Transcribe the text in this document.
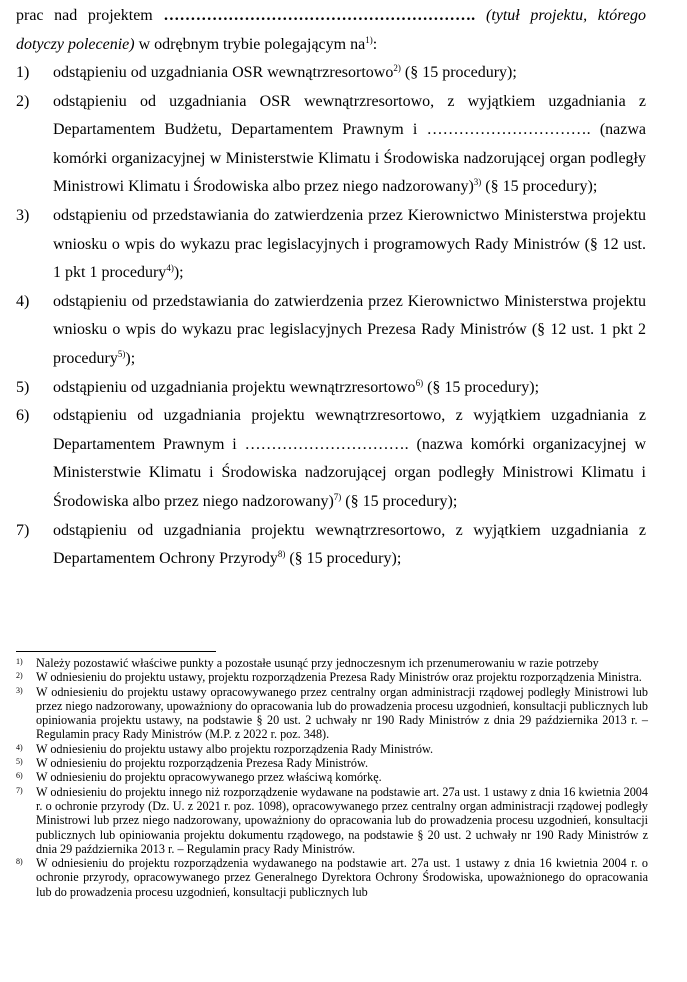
prac nad projektem …………………………………………………. (tytuł projektu, którego
dotyczy polecenie) w odrębnym trybie polegającym $na^{1)}$:

1)	odstąpieniu od uzgadniania OSR wewnątrzresortowo$^{2)}$ (§ 15 procedury);
2)	odstąpieniu od uzgadniania OSR wewnątrzresortowo, z wyjątkiem uzgadniania z Departamentem Budżetu, Departamentem Prawnym i …………………………. (nazwa komórki organizacyjnej w Ministerstwie Klimatu i Środowiska nadzorującej organ podległy Ministrowi Klimatu i Środowiska albo przez niego nadzorowany)$^{3)}$ (§ 15 procedury);
3)	odstąpieniu od przedstawiania do zatwierdzenia przez Kierownictwo Ministerstwa projektu wniosku o wpis do wykazu prac legislacyjnych i programowych Rady Ministrów (§ 12 ust. 1 pkt 1 procedury$^{4)}$);
4)	odstąpieniu od przedstawiania do zatwierdzenia przez Kierownictwo Ministerstwa projektu wniosku o wpis do wykazu prac legislacyjnych Prezesa Rady Ministrów (§ 12 ust. 1 pkt 2 procedury$^{5)}$);
5)	odstąpieniu od uzgadniania projektu wewnątrzresortowo$^{6)}$ (§ 15 procedury);
6)	odstąpieniu od uzgadniania projektu wewnątrzresortowo, z wyjątkiem uzgadniania z Departamentem Prawnym i …………………………. (nazwa komórki organizacyjnej w Ministerstwie Klimatu i Środowiska nadzorującej organ podległy Ministrowi Klimatu i Środowiska albo przez niego nadzorowany)$^{7)}$ (§ 15 procedury);
7)	odstąpieniu od uzgadniania projektu wewnątrzresortowo, z wyjątkiem uzgadniania z Departamentem Ochrony Przyrody$^{8)}$ (§ 15 procedury);
1)	Należy pozostawić właściwe punkty a pozostałe usunąć przy jednoczesnym ich przenumerowaniu w razie potrzeby
2)	W odniesieniu do projektu ustawy, projektu rozporządzenia Prezesa Rady Ministrów oraz projektu rozporządzenia Ministra.
3)	W odniesieniu do projektu ustawy opracowywanego przez centralny organ administracji rządowej podległy Ministrowi lub przez niego nadzorowany, upoważniony do opracowania lub do prowadzenia procesu uzgodnień, konsultacji publicznych lub opiniowania projektu ustawy, na podstawie § 20 ust. 2 uchwały nr 190 Rady Ministrów z dnia 29 października 2013 r. – Regulamin pracy Rady Ministrów (M.P. z 2022 r. poz. 348).
4)	W odniesieniu do projektu ustawy albo projektu rozporządzenia Rady Ministrów.
5)	W odniesieniu do projektu rozporządzenia Prezesa Rady Ministrów.
6)	W odniesieniu do projektu opracowywanego przez właściwą komórkę.
7)	W odniesieniu do projektu innego niż rozporządzenie wydawane na podstawie art. 27a ust. 1 ustawy z dnia 16 kwietnia 2004 r. o ochronie przyrody (Dz. U. z 2021 r. poz. 1098), opracowywanego przez centralny organ administracji rządowej podległy Ministrowi lub przez niego nadzorowany, upoważniony do opracowania lub do prowadzenia procesu uzgodnień, konsultacji publicznych lub opiniowania projektu dokumentu rządowego, na podstawie § 20 ust. 2 uchwały nr 190 Rady Ministrów z dnia 29 października 2013 r. – Regulamin pracy Rady Ministrów.
8)	W odniesieniu do projektu rozporządzenia wydawanego na podstawie art. 27a ust. 1 ustawy z dnia 16 kwietnia 2004 r. o ochronie przyrody, opracowywanego przez Generalnego Dyrektora Ochrony Środowiska, upoważnionego do opracowania lub do prowadzenia procesu uzgodnień, konsultacji publicznych lub
